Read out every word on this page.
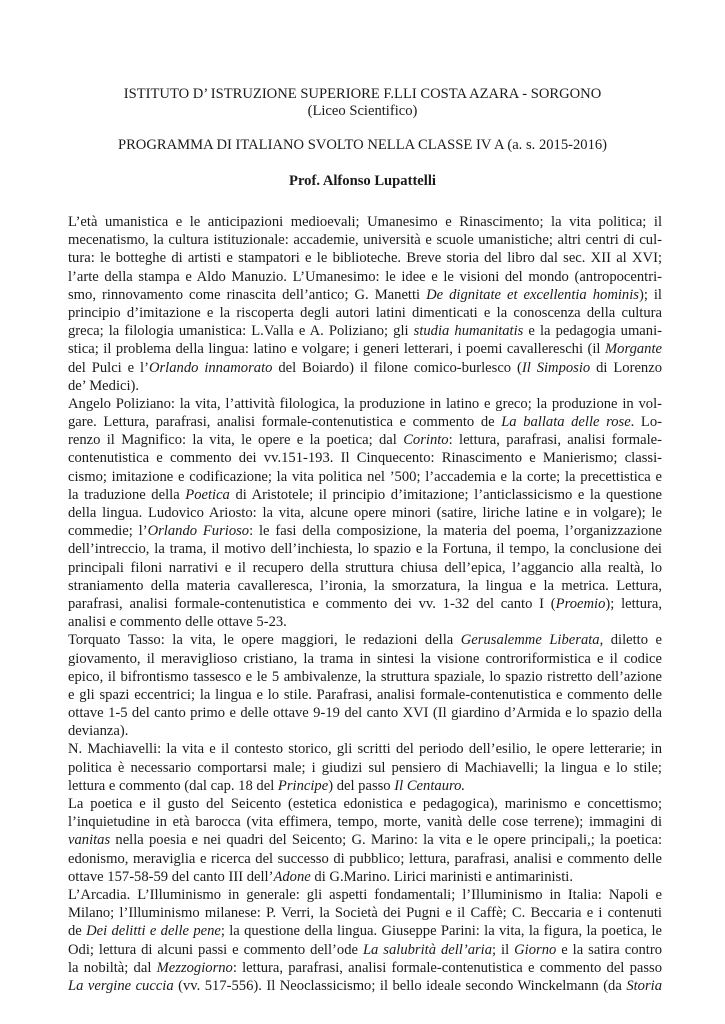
ISTITUTO D’ ISTRUZIONE SUPERIORE F.LLI COSTA AZARA - SORGONO
(Liceo Scientifico)
PROGRAMMA DI ITALIANO SVOLTO NELLA CLASSE IV A (a. s. 2015-2016)
Prof. Alfonso Lupattelli
L’età umanistica e le anticipazioni medioevali; Umanesimo e Rinascimento; la vita politica; il
mecenatismo, la cultura istituzionale: accademie, università e scuole umanistiche; altri centri di cul-
tura: le botteghe di artisti e stampatori e le biblioteche. Breve storia del libro dal sec. XII al XVI;
l’arte della stampa e Aldo Manuzio. L’Umanesimo: le idee e le visioni del mondo (antropocentri-
smo, rinnovamento come rinascita dell’antico; G. Manetti De dignitate et excellentia hominis); il
principio d’imitazione e la riscoperta degli autori latini dimenticati e la conoscenza della cultura
greca; la filologia umanistica: L.Valla e A. Poliziano; gli studia humanitatis e la pedagogia umani-
stica; il problema della lingua: latino e volgare; i generi letterari, i poemi cavallereschi (il Morgante
del Pulci e l’Orlando innamorato del Boiardo) il filone comico-burlesco (Il Simposio di Lorenzo
de’ Medici).
Angelo Poliziano: la vita, l’attività filologica, la produzione in latino e greco; la produzione in vol-
gare. Lettura, parafrasi, analisi formale-contenutistica e commento de La ballata delle rose. Lo-
renzo il Magnifico: la vita, le opere e la poetica; dal Corinto: lettura, parafrasi, analisi formale-
contenutistica e commento dei vv.151-193. Il Cinquecento: Rinascimento e Manierismo; classi-
cismo; imitazione e codificazione; la vita politica nel ’500; l’accademia e la corte; la precettistica e
la traduzione della Poetica di Aristotele; il principio d’imitazione; l’anticlassicismo e la questione
della lingua. Ludovico Ariosto: la vita, alcune opere minori (satire, liriche latine e in volgare); le
commedie; l’Orlando Furioso: le fasi della composizione, la materia del poema, l’organizzazione
dell’intreccio, la trama, il motivo dell’inchiesta, lo spazio e la Fortuna, il tempo, la conclusione dei
principali filoni narrativi e il recupero della struttura chiusa dell’epica, l’aggancio alla realtà, lo
straniamento della materia cavalleresca, l’ironia, la smorzatura, la lingua e la metrica. Lettura,
parafrasi, analisi formale-contenutistica e commento dei vv. 1-32 del canto I (Proemio); lettura,
analisi e commento delle ottave 5-23.
Torquato Tasso: la vita, le opere maggiori, le redazioni della Gerusalemme Liberata, diletto e
giovamento, il meraviglioso cristiano, la trama in sintesi la visione controriformistica e il codice
epico, il bifrontismo tassesco e le 5 ambivalenze, la struttura spaziale, lo spazio ristretto dell’azione
e gli spazi eccentrici; la lingua e lo stile. Parafrasi, analisi formale-contenutistica e commento delle
ottave 1-5 del canto primo e delle ottave 9-19 del canto XVI (Il giardino d’Armida e lo spazio della
devianza).
N. Machiavelli: la vita e il contesto storico, gli scritti del periodo dell’esilio, le opere letterarie; in
politica è necessario comportarsi male; i giudizi sul pensiero di Machiavelli; la lingua e lo stile;
lettura e commento (dal cap. 18 del Principe) del passo Il Centauro.
La poetica e il gusto del Seicento (estetica edonistica e pedagogica), marinismo e concettismo;
l’inquietudine in età barocca (vita effimera, tempo, morte, vanità delle cose terrene); immagini di
vanitas nella poesia e nei quadri del Seicento; G. Marino: la vita e le opere principali,; la poetica:
edonismo, meraviglia e ricerca del successo di pubblico; lettura, parafrasi, analisi e commento delle
ottave 157-58-59 del canto III dell’Adone di G.Marino. Lirici marinisti e antimarinisti.
L’Arcadia. L’Illuminismo in generale: gli aspetti fondamentali; l’Illuminismo in Italia: Napoli e
Milano; l’Illuminismo milanese: P. Verri, la Società dei Pugni e il Caffè; C. Beccaria e i contenuti
de Dei delitti e delle pene; la questione della lingua. Giuseppe Parini: la vita, la figura, la poetica, le
Odi; lettura di alcuni passi e commento dell’ode La salubrità dell’aria; il Giorno e la satira contro
la nobiltà; dal Mezzogiorno: lettura, parafrasi, analisi formale-contenutistica e commento del passo
La vergine cuccia (vv. 517-556). Il Neoclassicismo; il bello ideale secondo Winckelmann (da Storia
